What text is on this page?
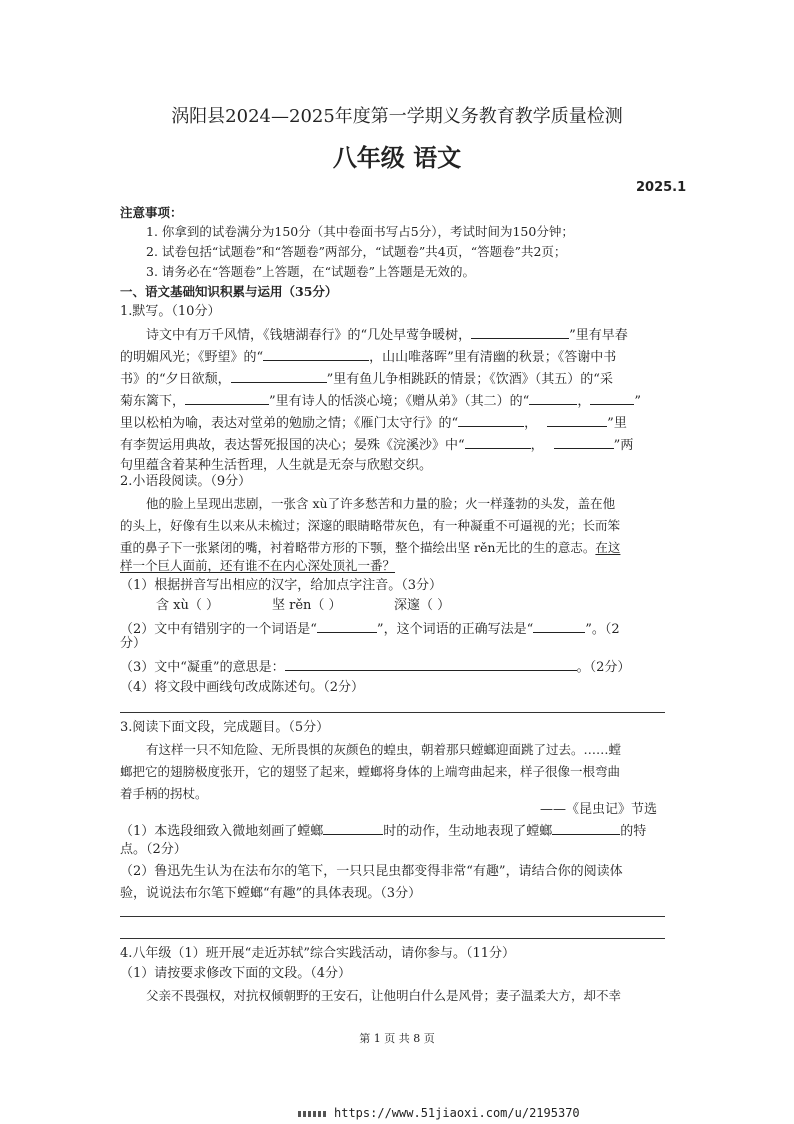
涡阳县2024—2025年度第一学期义务教育教学质量检测
八年级 语文
2025.1
注意事项：
1. 你拿到的试卷满分为150分（其中卷面书写占5分），考试时间为150分钟；
2. 试卷包括“试题卷”和“答题卷”两部分，“试题卷”共4页，“答题卷”共2页；
3. 请务必在“答题卷”上答题，在“试题卷”上答题是无效的。
一、语文基础知识积累与运用（35分）
1.默写。（10分）
诗文中有万千风情，《钱塘湖春行》的“几处早莺争暖树，	”里有早春
的明媚风光；《野望》的“	，山山唯落晖”里有清幽的秋景；《答谢中书
书》的“夕日欲颓，	”里有鱼儿争相跳跃的情景；《饮酒》（其五）的“采
菊东篱下，	”里有诗人的恬淡心境；《赠从弟》（其二）的“	，	”
里以松柏为喻，表达对堂弟的勉励之情；《雁门太守行》的“	，	”里
有李贺运用典故，表达誓死报国的决心；晏殊《浣溪沙》中“	，	”两
句里蕴含着某种生活哲理，人生就是无奈与欣慰交织。
2.小语段阅读。（9分）
他的脸上呈现出悲剧，一张含 xù了许多愁苦和力量的脸；火一样蓬勃的头发，盖在他
的头上，好像有生以来从未梳过；深邃的眼睛略带灰色，有一种凝重不可逼视的光；长而笨
重的鼻子下一张紧闭的嘴，衬着略带方形的下颚，整个描绘出坚 rěn无比的生的意志。在这
样一个巨人面前，还有谁不在内心深处顶礼一番？
（1）根据拼音写出相应的汉字，给加点字注音。（3分）
含 xù（ ）	坚 rěn（ ）	深邃（ ）
（2）文中有错别字的一个词语是“	”，这个词语的正确写法是“	”。（2
分）
（3）文中“凝重”的意思是：	。（2分）
（4）将文段中画线句改成陈述句。（2分）
3.阅读下面文段，完成题目。（5分）
有这样一只不知危险、无所畏惧的灰颜色的蝗虫，朝着那只螳螂迎面跳了过去。……螳
螂把它的翅膀极度张开，它的翅竖了起来，螳螂将身体的上端弯曲起来，样子很像一根弯曲
着手柄的拐杖。
——《昆虫记》节选
（1）本选段细致入微地刻画了螳螂	时的动作，生动地表现了螳螂	的特
点。（2分）
（2）鲁迅先生认为在法布尔的笔下，一只只昆虫都变得非常“有趣”，请结合你的阅读体
验，说说法布尔笔下螳螂“有趣”的具体表现。（3分）
4.八年级（1）班开展“走近苏轼”综合实践活动，请你参与。（11分）
（1）请按要求修改下面的文段。（4分）
父亲不畏强权，对抗权倾朝野的王安石，让他明白什么是风骨；妻子温柔大方，却不幸
第 1 页 共 8 页
https://www.51jiaoxi.com/u/2195370
